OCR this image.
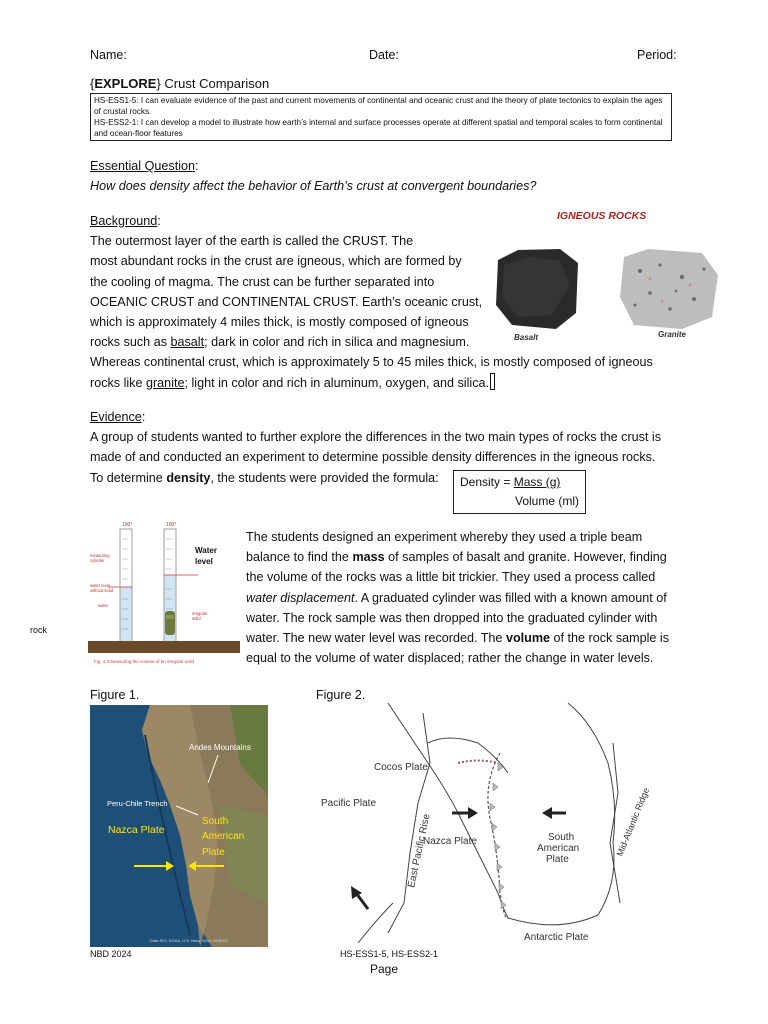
Name:	Date:	Period:
{EXPLORE} Crust Comparison
HS-ESS1-5: I can evaluate evidence of the past and current movements of continental and oceanic crust and the theory of plate tectonics to explain the ages of crustal rocks.
HS-ESS2-1: I can develop a model to illustrate how earth’s internal and surface processes operate at different spatial and temporal scales to form continental and ocean-floor features
Essential Question:
How does density affect the behavior of Earth’s crust at convergent boundaries?
Background:
The outermost layer of the earth is called the CRUST. The
most abundant rocks in the crust are igneous, which are formed by
the cooling of magma. The crust can be further separated into
OCEANIC CRUST and CONTINENTAL CRUST. Earth’s oceanic crust,
which is approximately 4 miles thick, is mostly composed of igneous
rocks such as basalt; dark in color and rich in silica and magnesium.
Whereas continental crust, which is approximately 5 to 45 miles thick, is mostly composed of igneous
rocks like granite; light in color and rich in aluminum, oxygen, and silica.
IGNEOUS ROCKS
Basalt	Granite
Evidence:
A group of students wanted to further explore the differences in the two main types of rocks the crust is
made of and conducted an experiment to determine possible density differences in the igneous rocks.
To determine density, the students were provided the formula:	Density = Mass (g)
Volume (ml)
100°	100°
measuring
cylinder
water level
without solid
water
irregular
solid
Water
level
Fig. 4.3 Measuring the volume of an irregular solid
rock
The students designed an experiment whereby they used a triple beam
balance to find the mass of samples of basalt and granite. However, finding
the volume of the rocks was a little bit trickier. They used a process called
water displacement. A graduated cylinder was filled with a known amount of
water. The rock sample was then dropped into the graduated cylinder with
water. The new water level was recorded. The volume of the rock sample is
equal to the volume of water displaced; rather the change in water levels.
Figure 1.	Figure 2.
Andes Mountains
Peru-Chile Trench
Nazca Plate
South
American
Plate
Data SIO, NOAA, U.S. Navy, NGA, GEBCO
Cocos Plate
Pacific Plate
Nazca Plate
East Pacific Rise	South
American
Plate
Mid-Atlantic Ridge
Antarctic Plate
NBD 2024	HS-ESS1-5, HS-ESS2-1
Page
